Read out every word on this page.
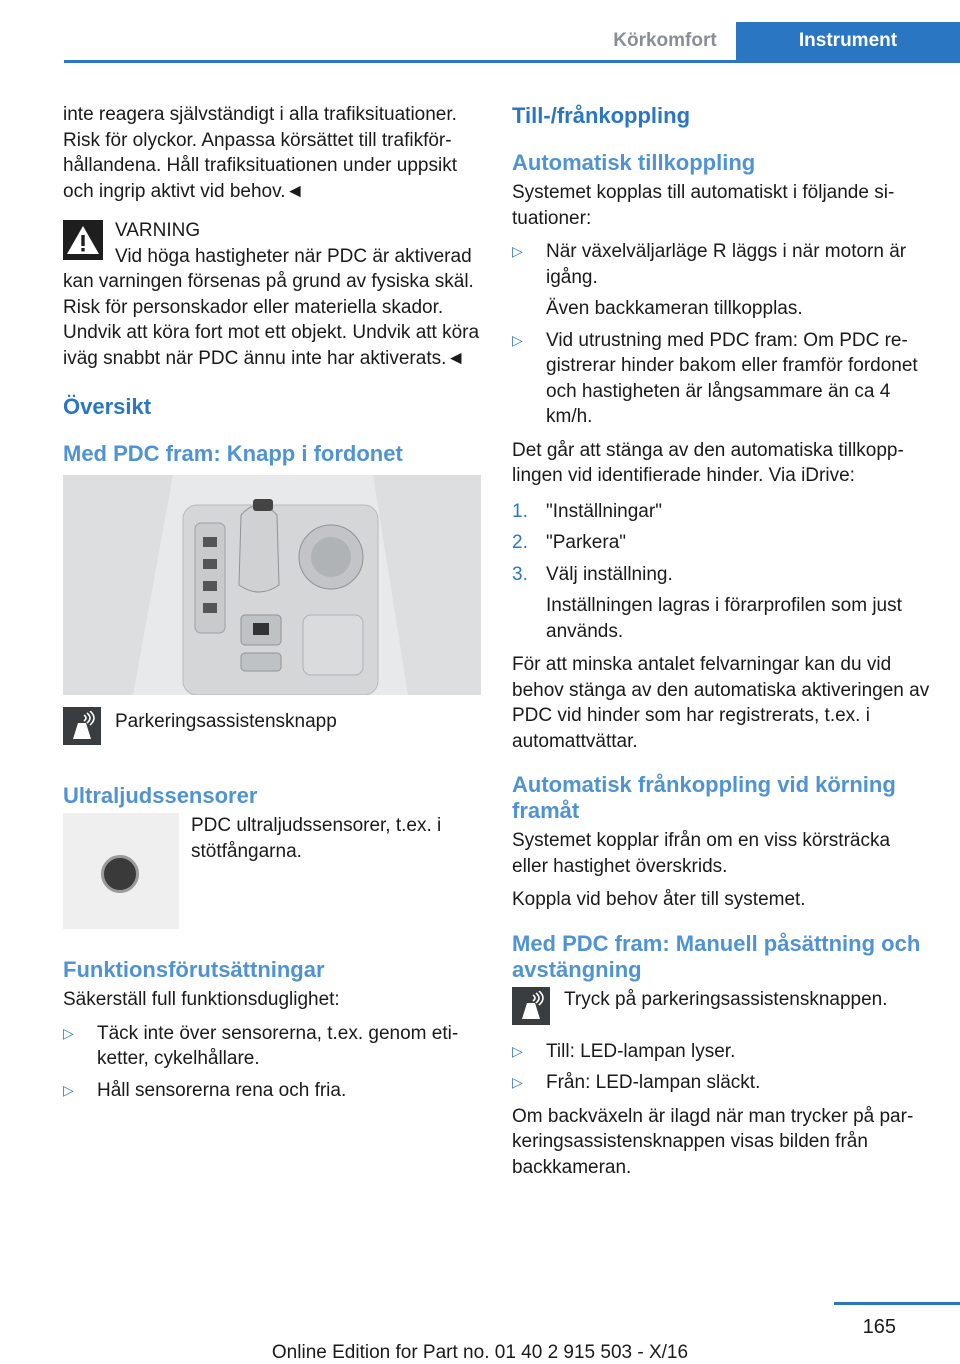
Körkomfort	Instrument

inte reagera självständigt i alla trafiksituationer. Risk för olyckor. Anpassa körsättet till trafikförhållandena. Håll trafiksituationen under uppsikt och ingrip aktivt vid behov.◄

VARNING

Vid höga hastigheter när PDC är aktiverad kan varningen försenas på grund av fysiska skäl. Risk för personskador eller materiella skador. Undvik att köra fort mot ett objekt. Undvik att köra iväg snabbt när PDC ännu inte har aktiverats.◄

Översikt
Med PDC fram: Knapp i fordonet

Parkeringsassistensknapp

Ultraljudssensorer

PDC ultraljudssensorer, t.ex. i stötfångarna.

Funktionsförutsättningar

Säkerställ full funktionsduglighet:

▷ Täck inte över sensorerna, t.ex. genom etiketter, cykelhållare.
▷ Håll sensorerna rena och fria.
Till-/frånkoppling
Automatisk tillkoppling

Systemet kopplas till automatiskt i följande situationer:

▷ När växelväljarläge R läggs i när motorn är igång.
Även backkameran tillkopplas.
▷ Vid utrustning med PDC fram: Om PDC registrerar hinder bakom eller framför fordonet och hastigheten är långsammare än ca 4 km/h.

Det går att stänga av den automatiska tillkopplingen vid identifierade hinder. Via iDrive:

1. "Inställningar"
2. "Parkera"
3. Välj inställning.
Inställningen lagras i förarprofilen som just används.

För att minska antalet felvarningar kan du vid behov stänga av den automatiska aktiveringen av PDC vid hinder som har registrerats, t.ex. i automattvättar.

Automatisk frånkoppling vid körning framåt

Systemet kopplar ifrån om en viss körsträcka eller hastighet överskrids.

Koppla vid behov åter till systemet.

Med PDC fram: Manuell påsättning och avstängning

Tryck på parkeringsassistensknappen.

▷ Till: LED-lampan lyser.
▷ Från: LED-lampan släckt.

Om backväxeln är ilagd när man trycker på parkeringsassistensknappen visas bilden från backkameran.

165
Online Edition for Part no. 01 40 2 915 503 - X/16
